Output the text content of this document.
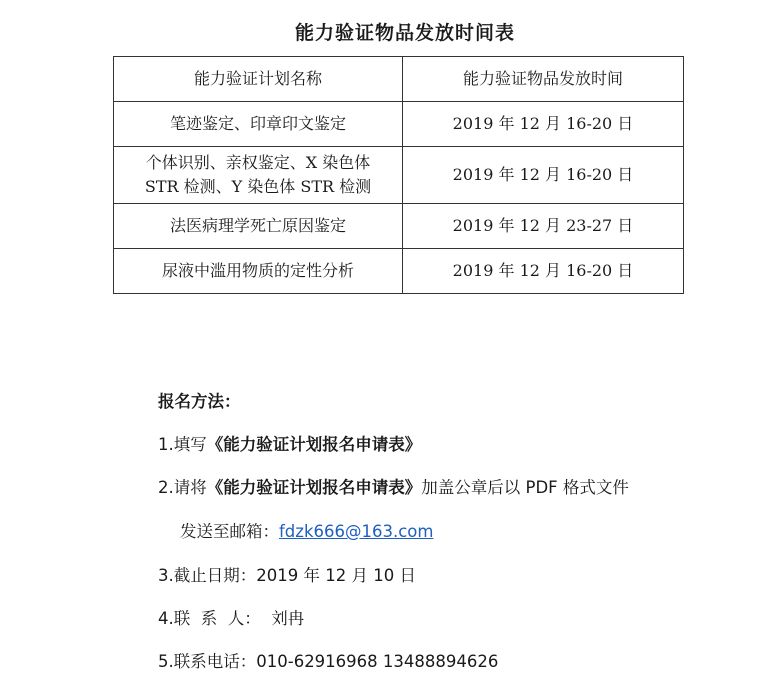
能力验证物品发放时间表
能力验证计划名称	能力验证物品发放时间
笔迹鉴定、印章印文鉴定	2019 年 12 月 16-20 日

个体识别、亲权鉴定、X 染色体
STR 检测、Y 染色体 STR 检测	2019 年 12 月 16-20 日
法医病理学死亡原因鉴定	2019 年 12 月 23-27 日
尿液中滥用物质的定性分析	2019 年 12 月 16-20 日
报名方法：
1.填写《能力验证计划报名申请表》
2.请将《能力验证计划报名申请表》加盖公章后以 PDF 格式文件
发送至邮箱：fdzk666@163.com
3.截止日期：2019 年 12 月 10 日
4.联  系  人：  刘冉
5.联系电话：010-62916968 13488894626
